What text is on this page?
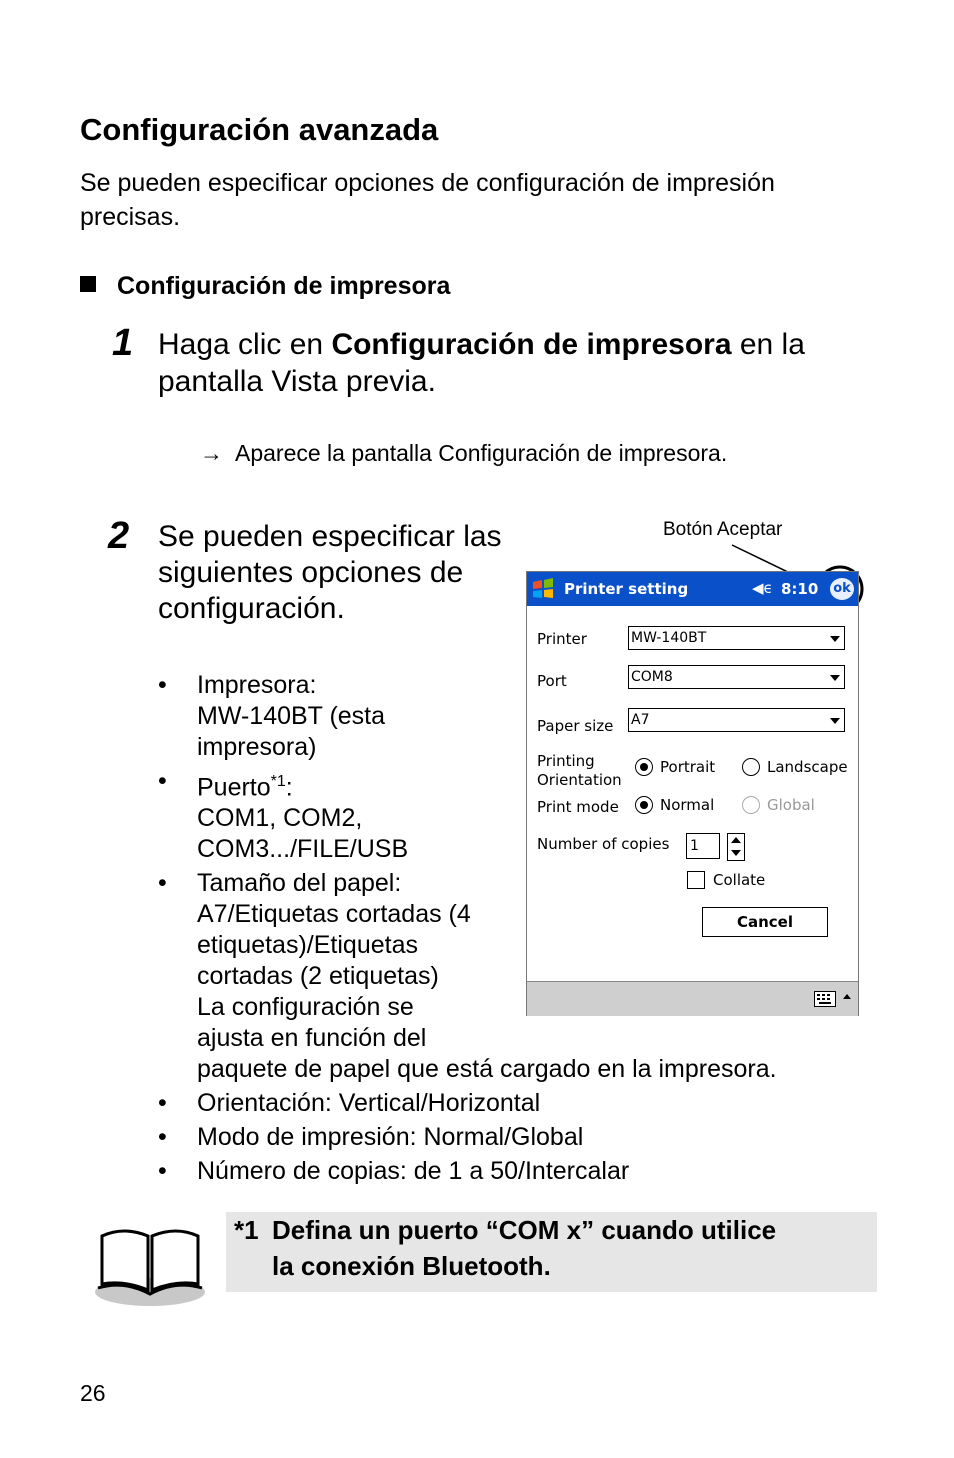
Configuración avanzada
Se pueden especificar opciones de configuración de impresión precisas.
Configuración de impresora
1 Haga clic en Configuración de impresora en la pantalla Vista previa.
→ Aparece la pantalla Configuración de impresora.
2 Se pueden especificar las siguientes opciones de configuración.
• Impresora:
MW-140BT (esta impresora)
• Puerto$^{*1}$:
COM1, COM2, COM3.../FILE/USB
• Tamaño del papel:
A7/Etiquetas cortadas (4 etiquetas)/Etiquetas cortadas (2 etiquetas)
La configuración se ajusta en función del
paquete de papel que está cargado en la impresora.
• Orientación: Vertical/Horizontal
• Modo de impresión: Normal/Global
• Número de copias: de 1 a 50/Intercalar
Botón Aceptar
Printer setting	◀ϵ 8:10 ok
Printer	MW-140BT
Port	COM8
Paper size A7
Printing
Orientation
Portrait	Landscape
Print mode	Normal	Global
Number of copies 1
Collate
Cancel
*1 Defina un puerto “COM x” cuando utilice
la conexión Bluetooth.
26
